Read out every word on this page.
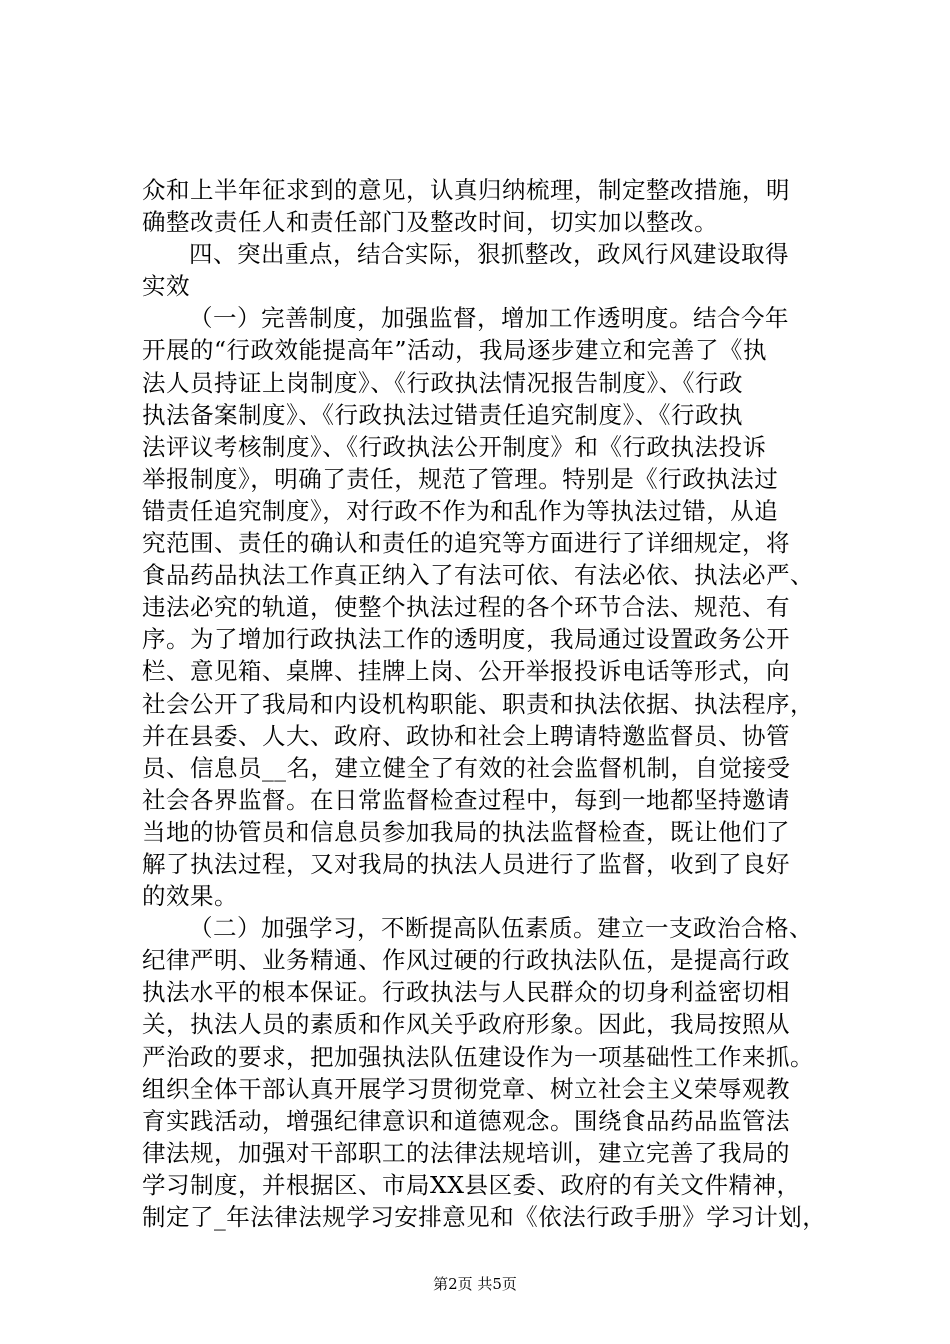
众和上半年征求到的意见，认真归纳梳理，制定整改措施，明
确整改责任人和责任部门及整改时间，切实加以整改。
四、突出重点，结合实际，狠抓整改，政风行风建设取得
实效
（一）完善制度，加强监督，增加工作透明度。结合今年
开展的“行政效能提高年”活动，我局逐步建立和完善了《执
法人员持证上岗制度》、《行政执法情况报告制度》、《行政
执法备案制度》、《行政执法过错责任追究制度》、《行政执
法评议考核制度》、《行政执法公开制度》和《行政执法投诉
举报制度》，明确了责任，规范了管理。特别是《行政执法过
错责任追究制度》，对行政不作为和乱作为等执法过错，从追
究范围、责任的确认和责任的追究等方面进行了详细规定，将
食品药品执法工作真正纳入了有法可依、有法必依、执法必严、
违法必究的轨道，使整个执法过程的各个环节合法、规范、有
序。为了增加行政执法工作的透明度，我局通过设置政务公开
栏、意见箱、桌牌、挂牌上岗、公开举报投诉电话等形式，向
社会公开了我局和内设机构职能、职责和执法依据、执法程序，
并在县委、人大、政府、政协和社会上聘请特邀监督员、协管
员、信息员__名，建立健全了有效的社会监督机制，自觉接受
社会各界监督。在日常监督检查过程中，每到一地都坚持邀请
当地的协管员和信息员参加我局的执法监督检查，既让他们了
解了执法过程，又对我局的执法人员进行了监督，收到了良好
的效果。
（二）加强学习，不断提高队伍素质。建立一支政治合格、
纪律严明、业务精通、作风过硬的行政执法队伍，是提高行政
执法水平的根本保证。行政执法与人民群众的切身利益密切相
关，执法人员的素质和作风关乎政府形象。因此，我局按照从
严治政的要求，把加强执法队伍建设作为一项基础性工作来抓。
组织全体干部认真开展学习贯彻党章、树立社会主义荣辱观教
育实践活动，增强纪律意识和道德观念。围绕食品药品监管法
律法规，加强对干部职工的法律法规培训，建立完善了我局的
学习制度，并根据区、市局XX县区委、政府的有关文件精神，
制定了_年法律法规学习安排意见和《依法行政手册》学习计划，
第2页 共5页
